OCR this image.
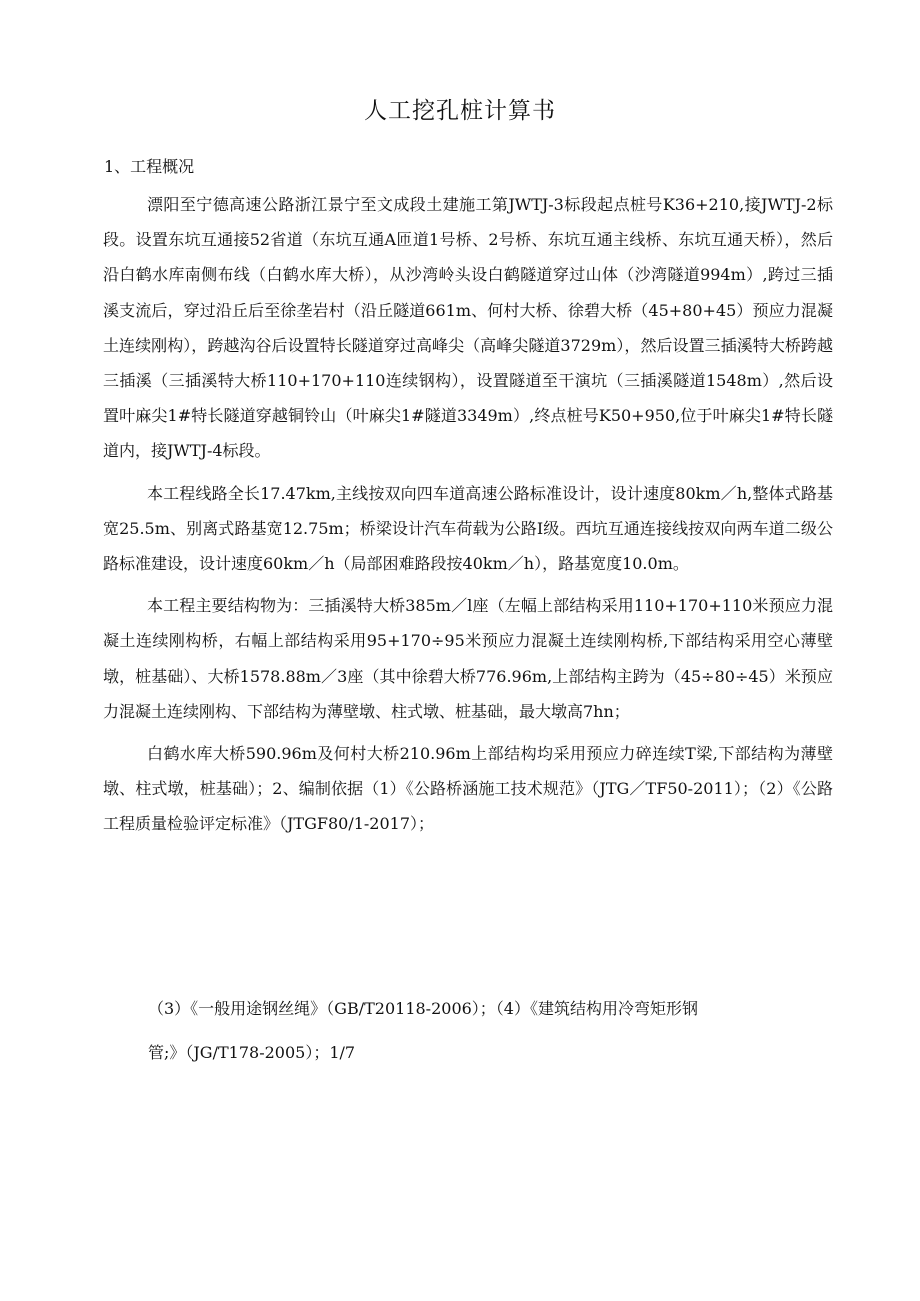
人工挖孔桩计算书
1、工程概况

漂阳至宁德高速公路浙江景宁至文成段土建施工第JWTJ-3标段起点桩号K36+210,接JWTJ-2标段。设置东坑互通接52省道（东坑互通A匝道1号桥、2号桥、东坑互通主线桥、东坑互通天桥），然后沿白鹤水库南侧布线（白鹤水库大桥），从沙湾岭头设白鹤隧道穿过山体（沙湾隧道994m）,跨过三插溪支流后，穿过沿丘后至徐垄岩村（沿丘隧道661m、何村大桥、徐碧大桥（45+80+45）预应力混凝土连续刚构），跨越沟谷后设置特长隧道穿过高峰尖（高峰尖隧道3729m），然后设置三插溪特大桥跨越三插溪（三插溪特大桥110+170+110连续钢构），设置隧道至干演坑（三插溪隧道1548m）,然后设置叶麻尖1#特长隧道穿越铜铃山（叶麻尖1#隧道3349m）,终点桩号K50+950,位于叶麻尖1#特长隧道内，接JWTJ-4标段。

本工程线路全长17.47km,主线按双向四车道高速公路标准设计，设计速度80km／h,整体式路基宽25.5m、别离式路基宽12.75m；桥梁设计汽车荷载为公路Ⅰ级。西坑互通连接线按双向两车道二级公路标准建设，设计速度60km／h（局部困难路段按40km／h），路基宽度10.0m。

本工程主要结构物为：三插溪特大桥385m／l座（左幅上部结构采用110+170+110米预应力混凝土连续刚构桥，右幅上部结构采用95+170÷95米预应力混凝土连续刚构桥,下部结构采用空心薄壁墩，桩基础）、大桥1578.88m／3座（其中徐碧大桥776.96m,上部结构主跨为（45÷80÷45）米预应力混凝土连续刚构、下部结构为薄壁墩、柱式墩、桩基础，最大墩高7hn；

白鹤水库大桥590.96m及何村大桥210.96m上部结构均采用预应力碎连续T梁,下部结构为薄壁墩、柱式墩，桩基础）；2、编制依据（1）《公路桥涵施工技术规范》（JTG／TF50-2011）；（2）《公路工程质量检验评定标准》（JTGF80/1-2017）；

（3）《一般用途钢丝绳》（GB/T20118-2006）；（4）《建筑结构用冷弯矩形钢
管;》（JG/T178-2005）；1/7
